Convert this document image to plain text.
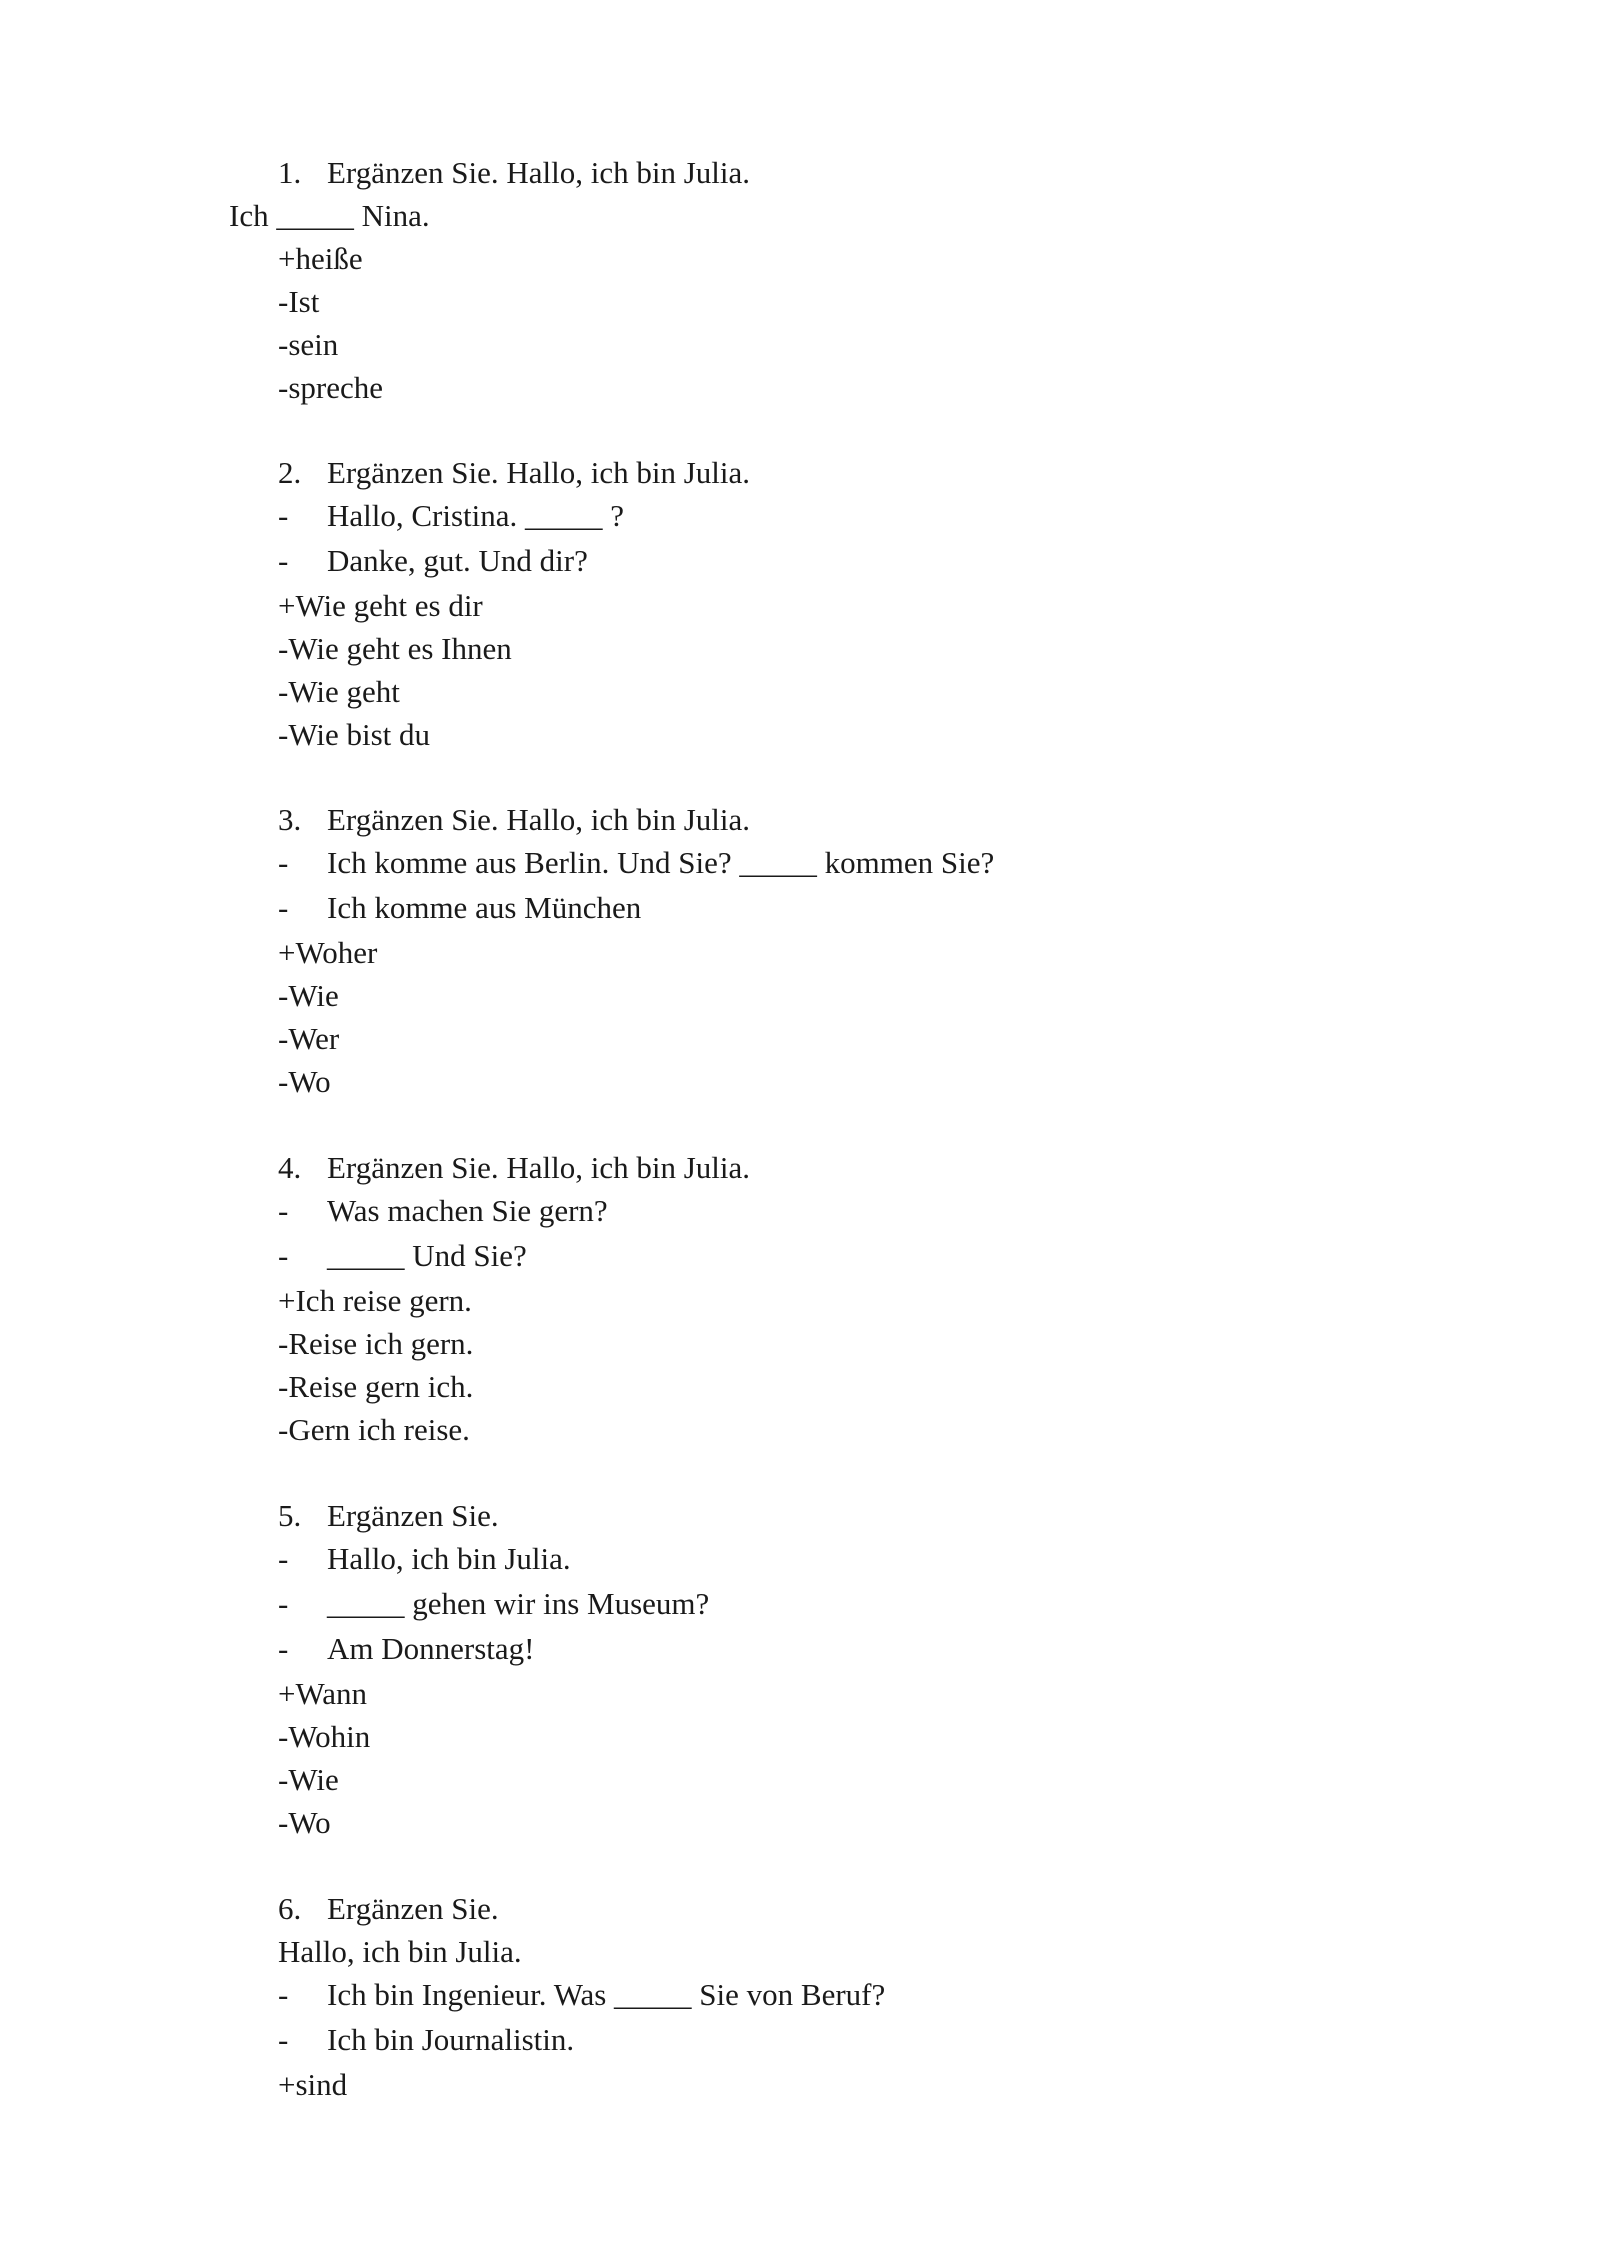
1. Ergänzen Sie. Hallo, ich bin Julia.
Ich _____ Nina.
+heiße
-Ist
-sein
-spreche
2. Ergänzen Sie. Hallo, ich bin Julia.
- Hallo, Cristina. _____ ?
- Danke, gut. Und dir?
+Wie geht es dir
-Wie geht es Ihnen
-Wie geht
-Wie bist du
3. Ergänzen Sie. Hallo, ich bin Julia.
- Ich komme aus Berlin. Und Sie? _____ kommen Sie?
- Ich komme aus München
+Woher
-Wie
-Wer
-Wo
4. Ergänzen Sie. Hallo, ich bin Julia.
- Was machen Sie gern?
- _____ Und Sie?
+Ich reise gern.
-Reise ich gern.
-Reise gern ich.
-Gern ich reise.
5. Ergänzen Sie.
- Hallo, ich bin Julia.
- _____ gehen wir ins Museum?
- Am Donnerstag!
+Wann
-Wohin
-Wie
-Wo
6. Ergänzen Sie.
Hallo, ich bin Julia.
- Ich bin Ingenieur. Was _____ Sie von Beruf?
- Ich bin Journalistin.
+sind
